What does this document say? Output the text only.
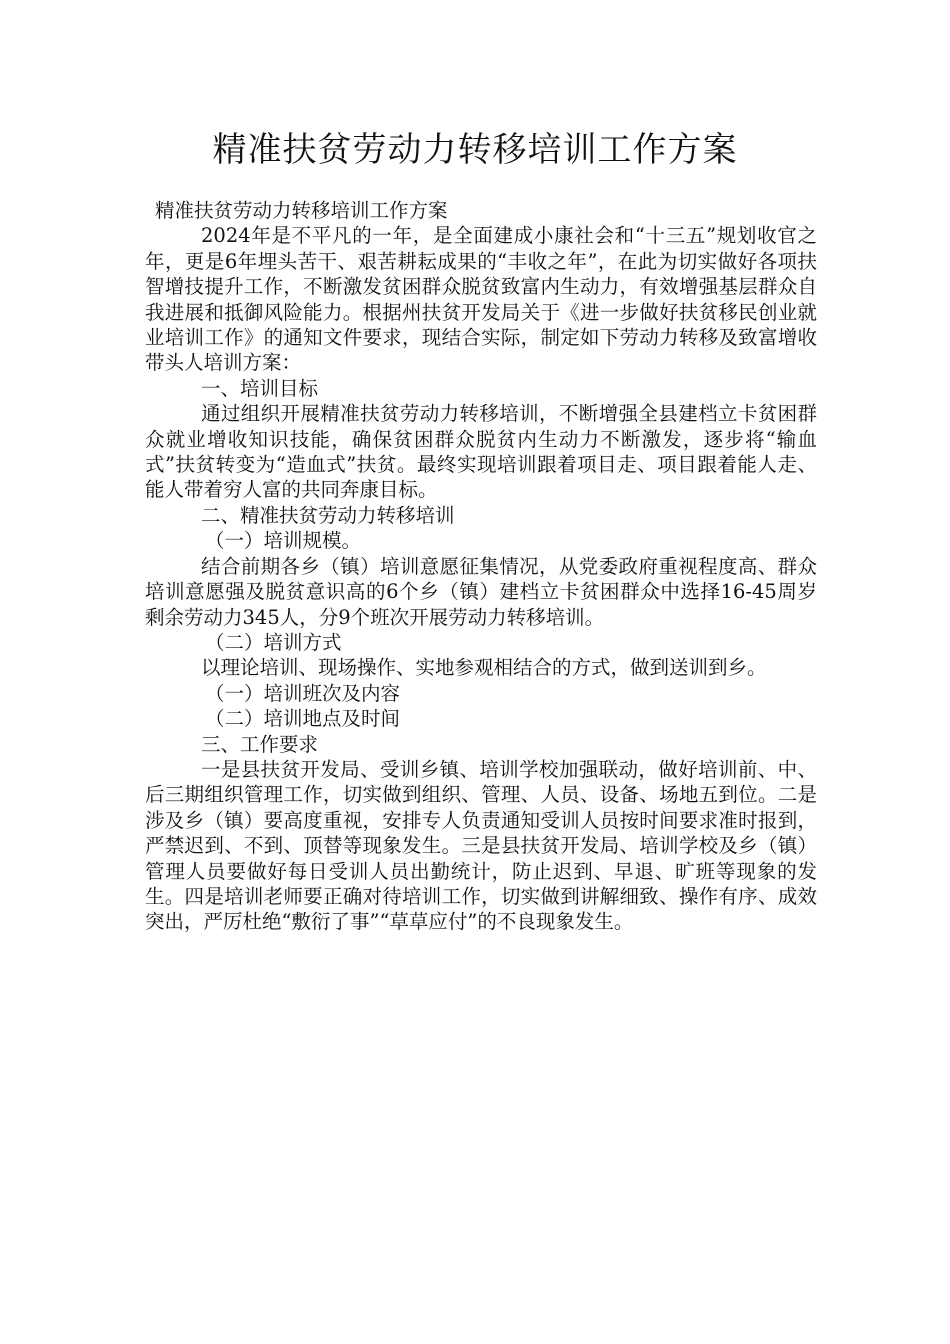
精准扶贫劳动力转移培训工作方案

精准扶贫劳动力转移培训工作方案

2024年是不平凡的一年，是全面建成小康社会和“十三五”规划收官之年，更是6年埋头苦干、艰苦耕耘成果的“丰收之年”，在此为切实做好各项扶智增技提升工作，不断激发贫困群众脱贫致富内生动力，有效增强基层群众自我进展和抵御风险能力。根据州扶贫开发局关于《进一步做好扶贫移民创业就业培训工作》的通知文件要求，现结合实际，制定如下劳动力转移及致富增收带头人培训方案：

一、培训目标

通过组织开展精准扶贫劳动力转移培训，不断增强全县建档立卡贫困群众就业增收知识技能，确保贫困群众脱贫内生动力不断激发，逐步将“输血式”扶贫转变为“造血式”扶贫。最终实现培训跟着项目走、项目跟着能人走、能人带着穷人富的共同奔康目标。

二、精准扶贫劳动力转移培训

（一）培训规模。

结合前期各乡（镇）培训意愿征集情况，从党委政府重视程度高、群众培训意愿强及脱贫意识高的6个乡（镇）建档立卡贫困群众中选择16-45周岁剩余劳动力345人，分9个班次开展劳动力转移培训。

（二）培训方式

以理论培训、现场操作、实地参观相结合的方式，做到送训到乡。

（一）培训班次及内容

（二）培训地点及时间

三、工作要求

一是县扶贫开发局、受训乡镇、培训学校加强联动，做好培训前、中、后三期组织管理工作，切实做到组织、管理、人员、设备、场地五到位。二是涉及乡（镇）要高度重视，安排专人负责通知受训人员按时间要求准时报到，严禁迟到、不到、顶替等现象发生。三是县扶贫开发局、培训学校及乡（镇）管理人员要做好每日受训人员出勤统计，防止迟到、早退、旷班等现象的发生。四是培训老师要正确对待培训工作，切实做到讲解细致、操作有序、成效突出，严厉杜绝“敷衍了事”“草草应付”的不良现象发生。
